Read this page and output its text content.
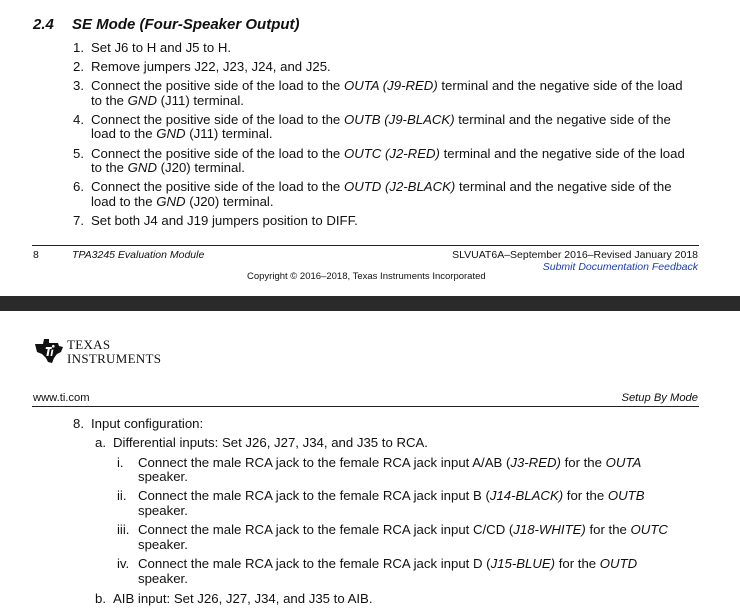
2.4 SE Mode (Four-Speaker Output)
1. Set J6 to H and J5 to H.
2. Remove jumpers J22, J23, J24, and J25.
3. Connect the positive side of the load to the OUTA (J9-RED) terminal and the negative side of the load
to the GND (J11) terminal.
4. Connect the positive side of the load to the OUTB (J9-BLACK) terminal and the negative side of the
load to the GND (J11) terminal.
5. Connect the positive side of the load to the OUTC (J2-RED) terminal and the negative side of the load
to the GND (J20) terminal.
6. Connect the positive side of the load to the OUTD (J2-BLACK) terminal and the negative side of the
load to the GND (J20) terminal.
7. Set both J4 and J19 jumpers position to DIFF.
8	TPA3245 Evaluation Module	SLVUAT6A–September 2016–Revised January 2018
Submit Documentation Feedback
Copyright © 2016–2018, Texas Instruments Incorporated
TEXAS
INSTRUMENTS
www.ti.com	Setup By Mode
8. Input configuration:
a. Differential inputs: Set J26, J27, J34, and J35 to RCA.
i. Connect the male RCA jack to the female RCA jack input A/AB (J3-RED) for the OUTA
speaker.
ii. Connect the male RCA jack to the female RCA jack input B (J14-BLACK) for the OUTB
speaker.
iii. Connect the male RCA jack to the female RCA jack input C/CD (J18-WHITE) for the OUTC
speaker.
iv. Connect the male RCA jack to the female RCA jack input D (J15-BLUE) for the OUTD
speaker.
b. AIB input: Set J26, J27, J34, and J35 to AIB.
